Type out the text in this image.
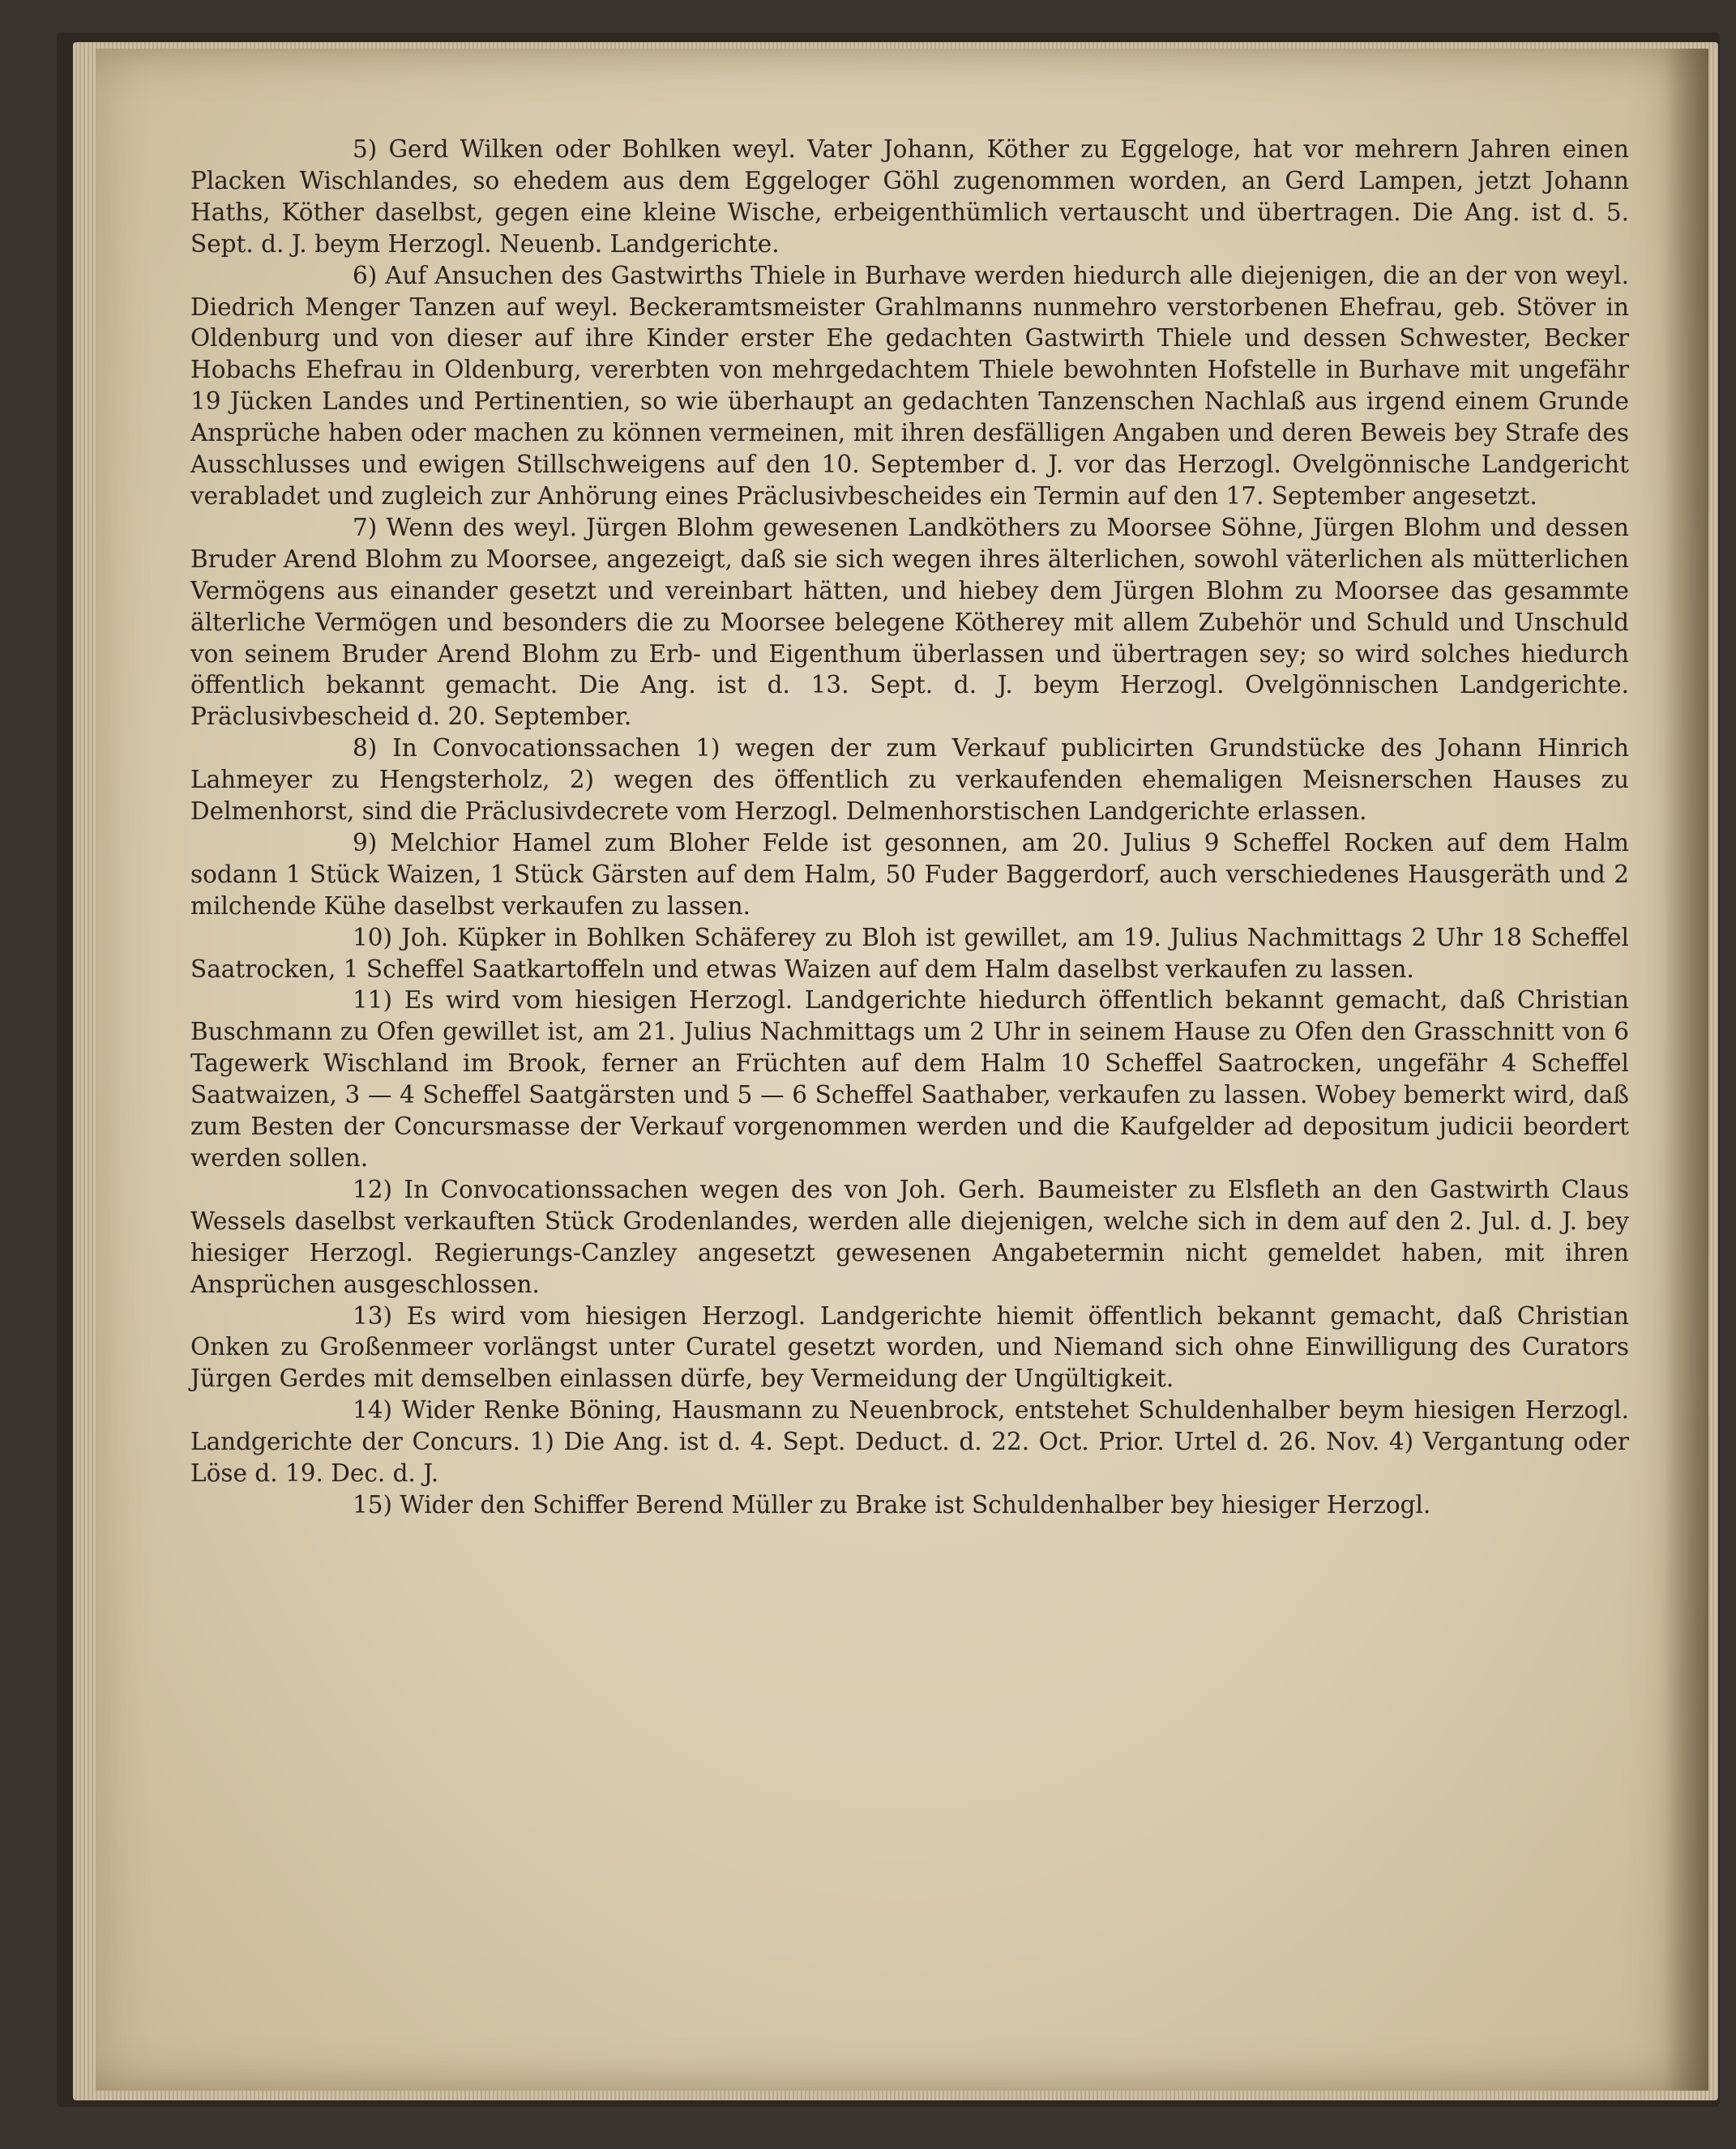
5) Gerd Wilken oder Bohlken weyl. Vater Johann, Köther zu Eggeloge, hat vor mehrern Jahren einen Placken Wischlandes, so ehedem aus dem Eggeloger Göhl zugenommen worden, an Gerd Lampen, jetzt Johann Haths, Köther daselbst, gegen eine kleine Wische, erbeigenthümlich vertauscht und übertragen. Die Ang. ist d. 5. Sept. d. J. beym Herzogl. Neuenb. Landgerichte.

6) Auf Ansuchen des Gastwirths Thiele in Burhave werden hiedurch alle diejenigen, die an der von weyl. Diedrich Menger Tanzen auf weyl. Beckeramtsmeister Grahlmanns nunmehro verstorbenen Ehefrau, geb. Stöver in Oldenburg und von dieser auf ihre Kinder erster Ehe gedachten Gastwirth Thiele und dessen Schwester, Becker Hobachs Ehefrau in Oldenburg, vererbten von mehrgedachtem Thiele bewohnten Hofstelle in Burhave mit ungefähr 19 Jücken Landes und Pertinentien, so wie überhaupt an gedachten Tanzenschen Nachlaß aus irgend einem Grunde Ansprüche haben oder machen zu können vermeinen, mit ihren desfälligen Angaben und deren Beweis bey Strafe des Ausschlusses und ewigen Stillschweigens auf den 10. September d. J. vor das Herzogl. Ovelgönnische Landgericht verabladet und zugleich zur Anhörung eines Präclusivbescheides ein Termin auf den 17. September angesetzt.

7) Wenn des weyl. Jürgen Blohm gewesenen Landköthers zu Moorsee Söhne, Jürgen Blohm und dessen Bruder Arend Blohm zu Moorsee, angezeigt, daß sie sich wegen ihres älterlichen, sowohl väterlichen als mütterlichen Vermögens aus einander gesetzt und vereinbart hätten, und hiebey dem Jürgen Blohm zu Moorsee das gesammte älterliche Vermögen und besonders die zu Moorsee belegene Kötherey mit allem Zubehör und Schuld und Unschuld von seinem Bruder Arend Blohm zu Erb- und Eigenthum überlassen und übertragen sey; so wird solches hiedurch öffentlich bekannt gemacht. Die Ang. ist d. 13. Sept. d. J. beym Herzogl. Ovelgönnischen Landgerichte. Präclusivbescheid d. 20. September.

8) In Convocationssachen 1) wegen der zum Verkauf publicirten Grundstücke des Johann Hinrich Lahmeyer zu Hengsterholz, 2) wegen des öffentlich zu verkaufenden ehemaligen Meisnerschen Hauses zu Delmenhorst, sind die Präclusivdecrete vom Herzogl. Delmenhorstischen Landgerichte erlassen.

9) Melchior Hamel zum Bloher Felde ist gesonnen, am 20. Julius 9 Scheffel Rocken auf dem Halm sodann 1 Stück Waizen, 1 Stück Gärsten auf dem Halm, 50 Fuder Baggerdorf, auch verschiedenes Hausgeräth und 2 milchende Kühe daselbst verkaufen zu lassen.

10) Joh. Küpker in Bohlken Schäferey zu Bloh ist gewillet, am 19. Julius Nachmittags 2 Uhr 18 Scheffel Saatrocken, 1 Scheffel Saatkartoffeln und etwas Waizen auf dem Halm daselbst verkaufen zu lassen.

11) Es wird vom hiesigen Herzogl. Landgerichte hiedurch öffentlich bekannt gemacht, daß Christian Buschmann zu Ofen gewillet ist, am 21. Julius Nachmittags um 2 Uhr in seinem Hause zu Ofen den Grasschnitt von 6 Tagewerk Wischland im Brook, ferner an Früchten auf dem Halm 10 Scheffel Saatrocken, ungefähr 4 Scheffel Saatwaizen, 3 — 4 Scheffel Saatgärsten und 5 — 6 Scheffel Saathaber, verkaufen zu lassen. Wobey bemerkt wird, daß zum Besten der Concursmasse der Verkauf vorgenommen werden und die Kaufgelder ad depositum judicii beordert werden sollen.

12) In Convocationssachen wegen des von Joh. Gerh. Baumeister zu Elsfleth an den Gastwirth Claus Wessels daselbst verkauften Stück Grodenlandes, werden alle diejenigen, welche sich in dem auf den 2. Jul. d. J. bey hiesiger Herzogl. Regierungs-Canzley angesetzt gewesenen Angabetermin nicht gemeldet haben, mit ihren Ansprüchen ausgeschlossen.

13) Es wird vom hiesigen Herzogl. Landgerichte hiemit öffentlich bekannt gemacht, daß Christian Onken zu Großenmeer vorlängst unter Curatel gesetzt worden, und Niemand sich ohne Einwilligung des Curators Jürgen Gerdes mit demselben einlassen dürfe, bey Vermeidung der Ungültigkeit.

14) Wider Renke Böning, Hausmann zu Neuenbrock, entstehet Schuldenhalber beym hiesigen Herzogl. Landgerichte der Concurs. 1) Die Ang. ist d. 4. Sept. Deduct. d. 22. Oct. Prior. Urtel d. 26. Nov. 4) Vergantung oder Löse d. 19. Dec. d. J.

15) Wider den Schiffer Berend Müller zu Brake ist Schuldenhalber bey hiesiger Herzogl.
